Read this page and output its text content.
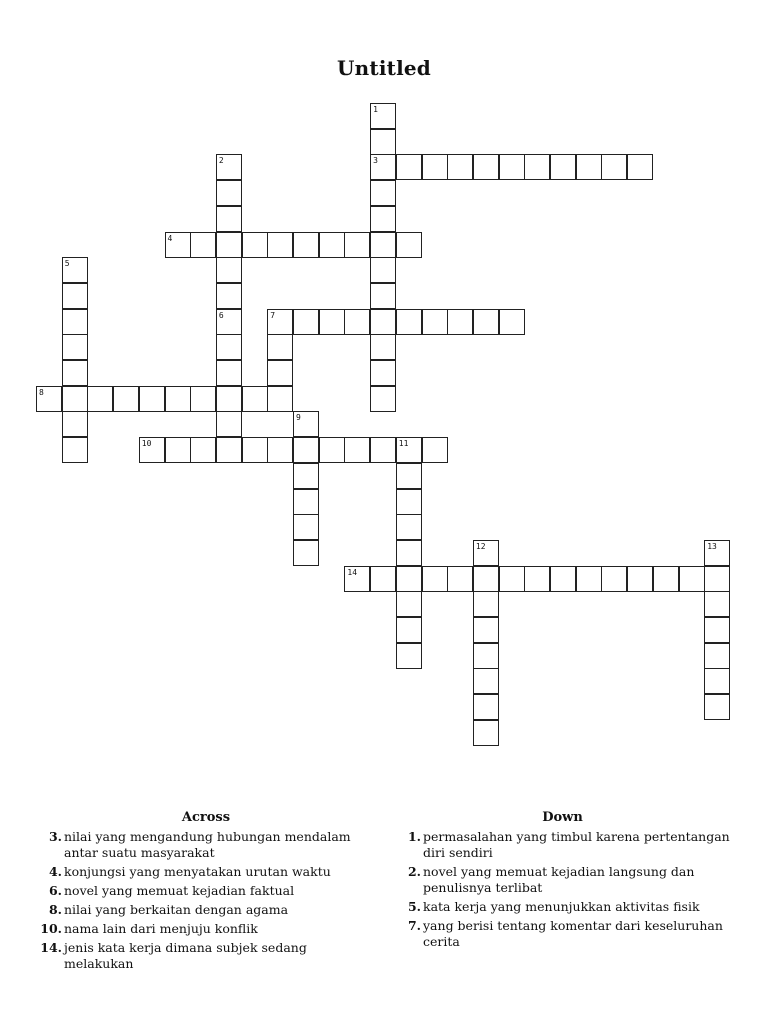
Untitled
1
3
2
6
4
5
7
8
9
10	11
12	13
14
Across
3. nilai yang mengandung hubungan mendalam antar suatu masyarakat
4. konjungsi yang menyatakan urutan waktu
6. novel yang memuat kejadian faktual
8. nilai yang berkaitan dengan agama
10. nama lain dari menjuju konflik
14. jenis kata kerja dimana subjek sedang melakukan
Down
1. permasalahan yang timbul karena pertentangan diri sendiri
2. novel yang memuat kejadian langsung dan penulisnya terlibat
5. kata kerja yang menunjukkan aktivitas fisik
7. yang berisi tentang komentar dari keseluruhan cerita
